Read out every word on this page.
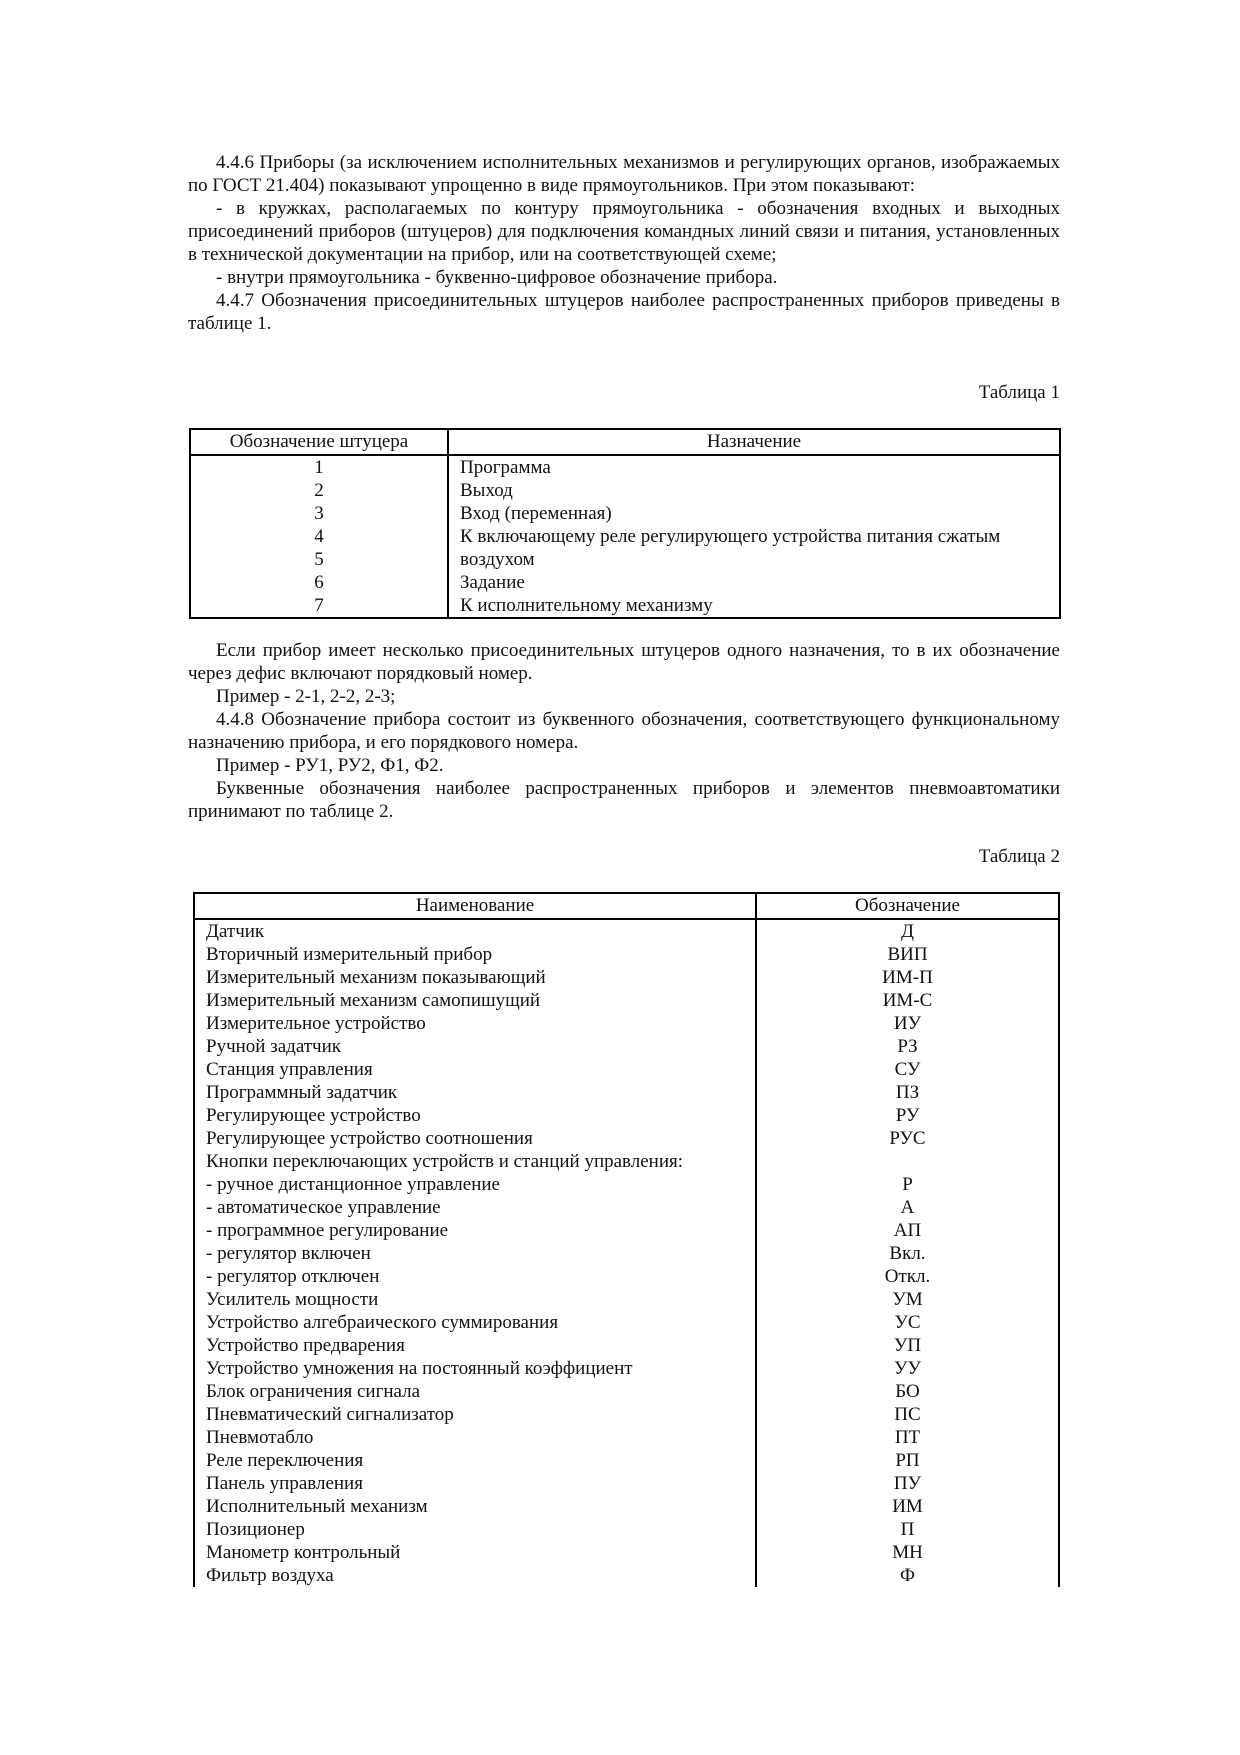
4.4.6 Приборы (за исключением исполнительных механизмов и регулирующих органов, изображаемых по ГОСТ 21.404) показывают упрощенно в виде прямоугольников. При этом показывают:

- в кружках, располагаемых по контуру прямоугольника - обозначения входных и выходных присоединений приборов (штуцеров) для подключения командных линий связи и питания, установленных в технической документации на прибор, или на соответствующей схеме;

- внутри прямоугольника - буквенно-цифровое обозначение прибора.

4.4.7 Обозначения присоединительных штуцеров наиболее распространенных приборов приведены в таблице 1.

Таблица 1

Обозначение штуцера	Назначение
1	Программа
2	Выход
3	Вход (переменная)
4	К включающему реле регулирующего устройства питания сжатым
5	воздухом
6	Задание
7	К исполнительному механизму

Если прибор имеет несколько присоединительных штуцеров одного назначения, то в их обозначение через дефис включают порядковый номер.

Пример - 2-1, 2-2, 2-3;

4.4.8 Обозначение прибора состоит из буквенного обозначения, соответствующего функциональному назначению прибора, и его порядкового номера.

Пример - РУ1, РУ2, Ф1, Ф2.

Буквенные обозначения наиболее распространенных приборов и элементов пневмоавтоматики принимают по таблице 2.

Таблица 2

Наименование	Обозначение
Датчик	Д
Вторичный измерительный прибор	ВИП
Измерительный механизм показывающий	ИМ-П
Измерительный механизм самопишущий	ИМ-С
Измерительное устройство	ИУ
Ручной задатчик	РЗ
Станция управления	СУ
Программный задатчик	ПЗ
Регулирующее устройство	РУ
Регулирующее устройство соотношения	РУС
Кнопки переключающих устройств и станций управления:	
- ручное дистанционное управление	Р
- автоматическое управление	А
- программное регулирование	АП
- регулятор включен	Вкл.
- регулятор отключен	Откл.
Усилитель мощности	УМ
Устройство алгебраического суммирования	УС
Устройство предварения	УП
Устройство умножения на постоянный коэффициент	УУ
Блок ограничения сигнала	БО
Пневматический сигнализатор	ПС
Пневмотабло	ПТ
Реле переключения	РП
Панель управления	ПУ
Исполнительный механизм	ИМ
Позиционер	П
Манометр контрольный	МН
Фильтр воздуха	Ф
